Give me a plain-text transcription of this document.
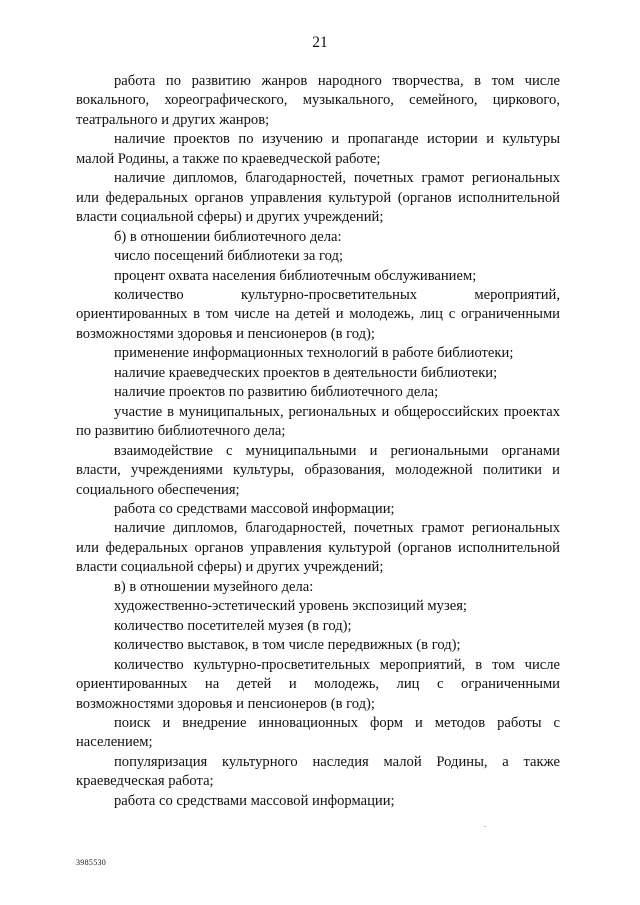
21

работа по развитию жанров народного творчества, в том числе вокального, хореографического, музыкального, семейного, циркового, театрального и других жанров;

наличие проектов по изучению и пропаганде истории и культуры малой Родины, а также по краеведческой работе;

наличие дипломов, благодарностей, почетных грамот региональных или федеральных органов управления культурой (органов исполнительной власти социальной сферы) и других учреждений;

б) в отношении библиотечного дела:

число посещений библиотеки за год;

процент охвата населения библиотечным обслуживанием;

количество культурно-просветительных мероприятий, ориентированных в том числе на детей и молодежь, лиц с ограниченными возможностями здоровья и пенсионеров (в год);

применение информационных технологий в работе библиотеки;

наличие краеведческих проектов в деятельности библиотеки;

наличие проектов по развитию библиотечного дела;

участие в муниципальных, региональных и общероссийских проектах по развитию библиотечного дела;

взаимодействие с муниципальными и региональными органами власти, учреждениями культуры, образования, молодежной политики и социального обеспечения;

работа со средствами массовой информации;

наличие дипломов, благодарностей, почетных грамот региональных или федеральных органов управления культурой (органов исполнительной власти социальной сферы) и других учреждений;

в) в отношении музейного дела:

художественно-эстетический уровень экспозиций музея;

количество посетителей музея (в год);

количество выставок, в том числе передвижных (в год);

количество культурно-просветительных мероприятий, в том числе ориентированных на детей и молодежь, лиц с ограниченными возможностями здоровья и пенсионеров (в год);

поиск и внедрение инновационных форм и методов работы с населением;

популяризация культурного наследия малой Родины, а также краеведческая работа;

работа со средствами массовой информации;

3985530
